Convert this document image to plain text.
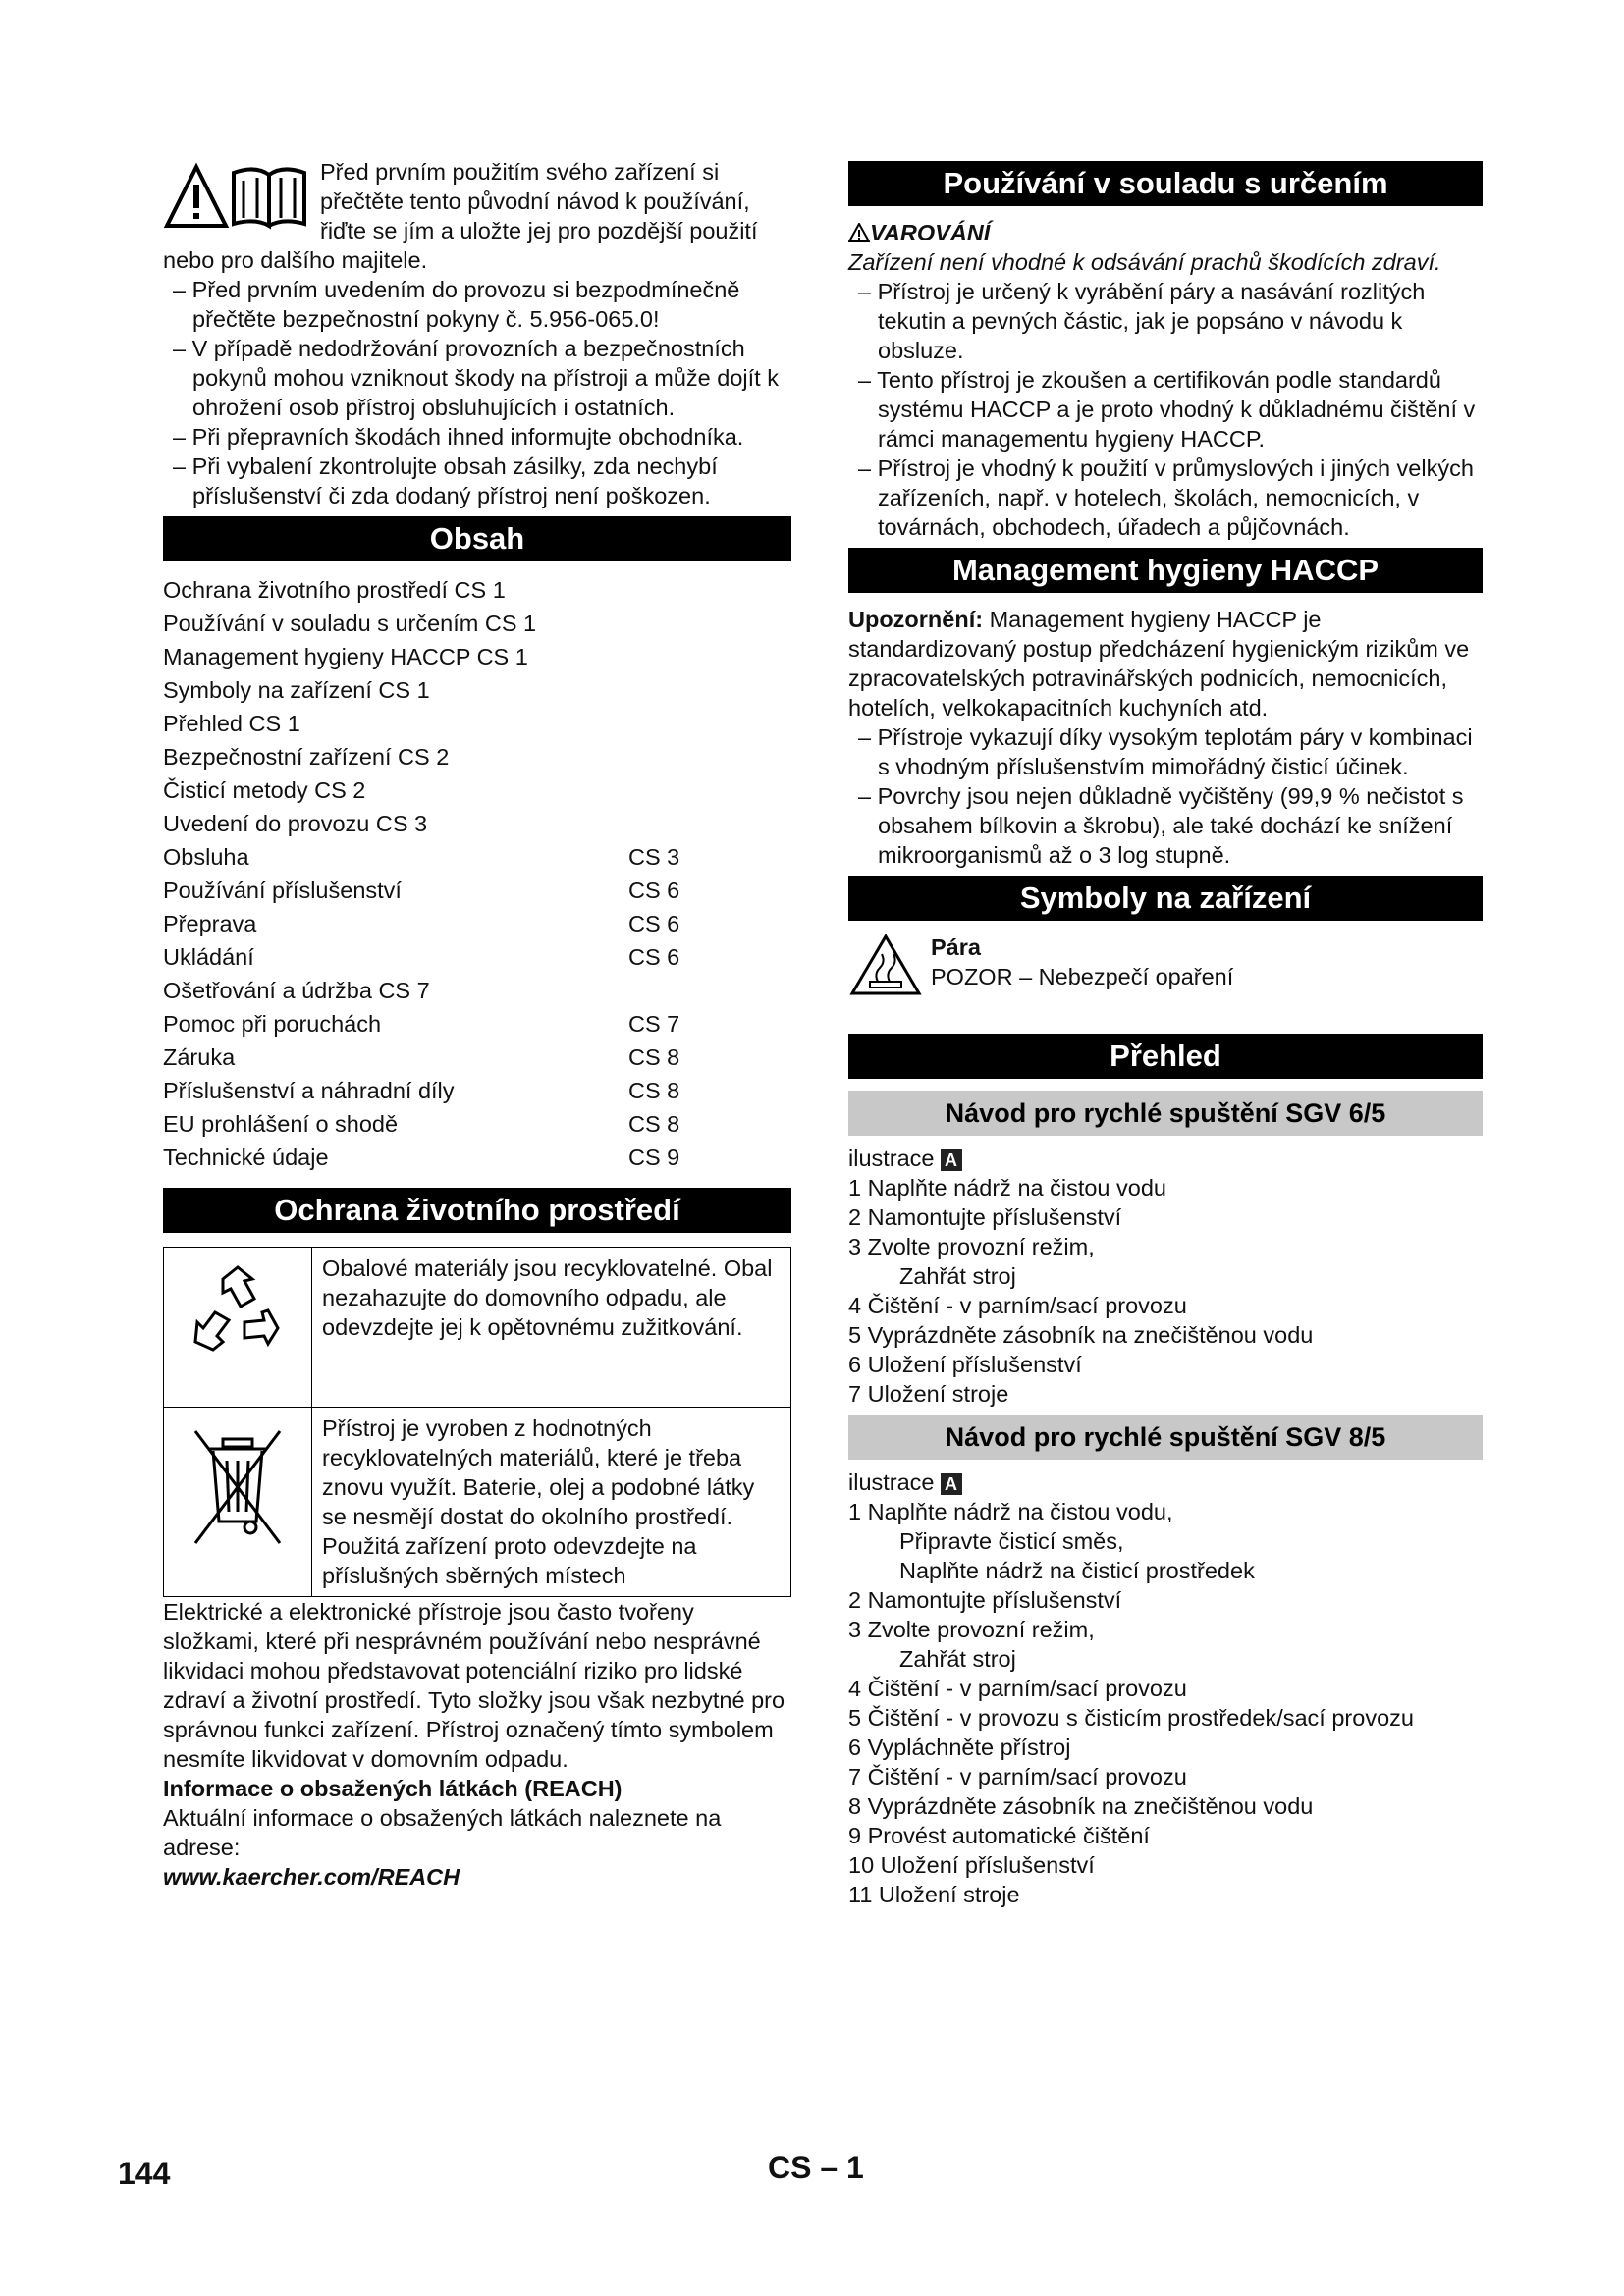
Před prvním použitím svého zařízení si přečtěte tento původní návod k používání, řiďte se jím a uložte jej pro pozdější použití nebo pro dalšího majitele.

– Před prvním uvedením do provozu si bezpodmínečně přečtěte bezpečnostní pokyny č. 5.956-065.0!

– V případě nedodržování provozních a bezpečnostních pokynů mohou vzniknout škody na přístroji a může dojít k ohrožení osob přístroj obsluhujících i ostatních.

– Při přepravních škodách ihned informujte obchodníka.

– Při vybalení zkontrolujte obsah zásilky, zda nechybí příslušenství či zda dodaný přístroj není poškozen.

Obsah
Ochrana životního prostředí CS 1
Používání v souladu s určením CS 1
Management hygieny HACCP CS 1
Symboly na zařízení CS 1
Přehled CS 1
Bezpečnostní zařízení CS 2
Čisticí metody CS 2
Uvedení do provozu CS 3
Obsluha	CS 3
Používání příslušenství	CS 6
Přeprava	CS 6
Ukládání	CS 6
Ošetřování a údržba CS 7
Pomoc při poruchách	CS 7
Záruka	CS 8
Příslušenství a náhradní díly	CS 8
EU prohlášení o shodě	CS 8
Technické údaje	CS 9
Ochrana životního prostředí
Obalové materiály jsou recyklovatelné. Obal nezahazujte do domovního odpadu, ale odevzdejte jej k opětovnému zužitkování.
Přístroj je vyroben z hodnotných recyklovatelných materiálů, které je třeba znovu využít. Baterie, olej a podobné látky se nesmějí dostat do okolního prostředí. Použitá zařízení proto odevzdejte na příslušných sběrných místech

Elektrické a elektronické přístroje jsou často tvořeny složkami, které při nesprávném používání nebo nesprávné likvidaci mohou představovat potenciální riziko pro lidské zdraví a životní prostředí. Tyto složky jsou však nezbytné pro správnou funkci zařízení. Přístroj označený tímto symbolem nesmíte likvidovat v domovním odpadu.

Informace o obsažených látkách (REACH)

Aktuální informace o obsažených látkách naleznete na adrese:

www.kaercher.com/REACH

Používání v souladu s určením

VAROVÁNÍ

Zařízení není vhodné k odsávání prachů škodících zdraví.

– Přístroj je určený k vyrábění páry a nasávání rozlitých tekutin a pevných částic, jak je popsáno v návodu k obsluze.

– Tento přístroj je zkoušen a certifikován podle standardů systému HACCP a je proto vhodný k důkladnému čištění v rámci managementu hygieny HACCP.

– Přístroj je vhodný k použití v průmyslových i jiných velkých zařízeních, např. v hotelech, školách, nemocnicích, v továrnách, obchodech, úřadech a půjčovnách.

Management hygieny HACCP

Upozornění: Management hygieny HACCP je standardizovaný postup předcházení hygienickým rizikům ve zpracovatelských potravinářských podnicích, nemocnicích, hotelích, velkokapacitních kuchyních atd.

– Přístroje vykazují díky vysokým teplotám páry v kombinaci s vhodným příslušenstvím mimořádný čisticí účinek.

– Povrchy jsou nejen důkladně vyčištěny (99,9 % nečistot s obsahem bílkovin a škrobu), ale také dochází ke snížení mikroorganismů až o 3 log stupně.

Symboly na zařízení

Pára

POZOR – Nebezpečí opaření

Přehled
Návod pro rychlé spuštění SGV 6/5

ilustrace A

1 Naplňte nádrž na čistou vodu

2 Namontujte příslušenství

3 Zvolte provozní režim,

Zahřát stroj

4 Čištění - v parním/sací provozu

5 Vyprázdněte zásobník na znečištěnou vodu

6 Uložení příslušenství

7 Uložení stroje

Návod pro rychlé spuštění SGV 8/5

ilustrace A

1 Naplňte nádrž na čistou vodu,

Připravte čisticí směs,

Naplňte nádrž na čisticí prostředek

2 Namontujte příslušenství

3 Zvolte provozní režim,

Zahřát stroj

4 Čištění - v parním/sací provozu

5 Čištění - v provozu s čisticím prostředek/sací provozu

6 Vypláchněte přístroj

7 Čištění - v parním/sací provozu

8 Vyprázdněte zásobník na znečištěnou vodu

9 Provést automatické čištění

10 Uložení příslušenství

11 Uložení stroje

144	CS – 1
